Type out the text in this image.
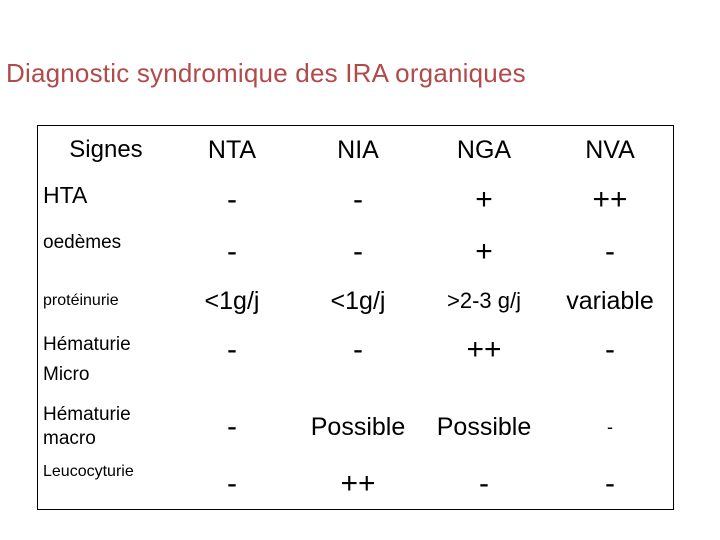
Diagnostic syndromique des IRA organiques
Signes	NTA	NIA	NGA	NVA
HTA	-	-	+	++
oedèmes	-	-	+	-
protéinurie	<1g/j	<1g/j	>2-3 g/j	variable

Hématurie
Micro	-	-	++	-

Hématurie
macro	-	Possible	Possible	-
Leucocyturie	-	++	-	-
